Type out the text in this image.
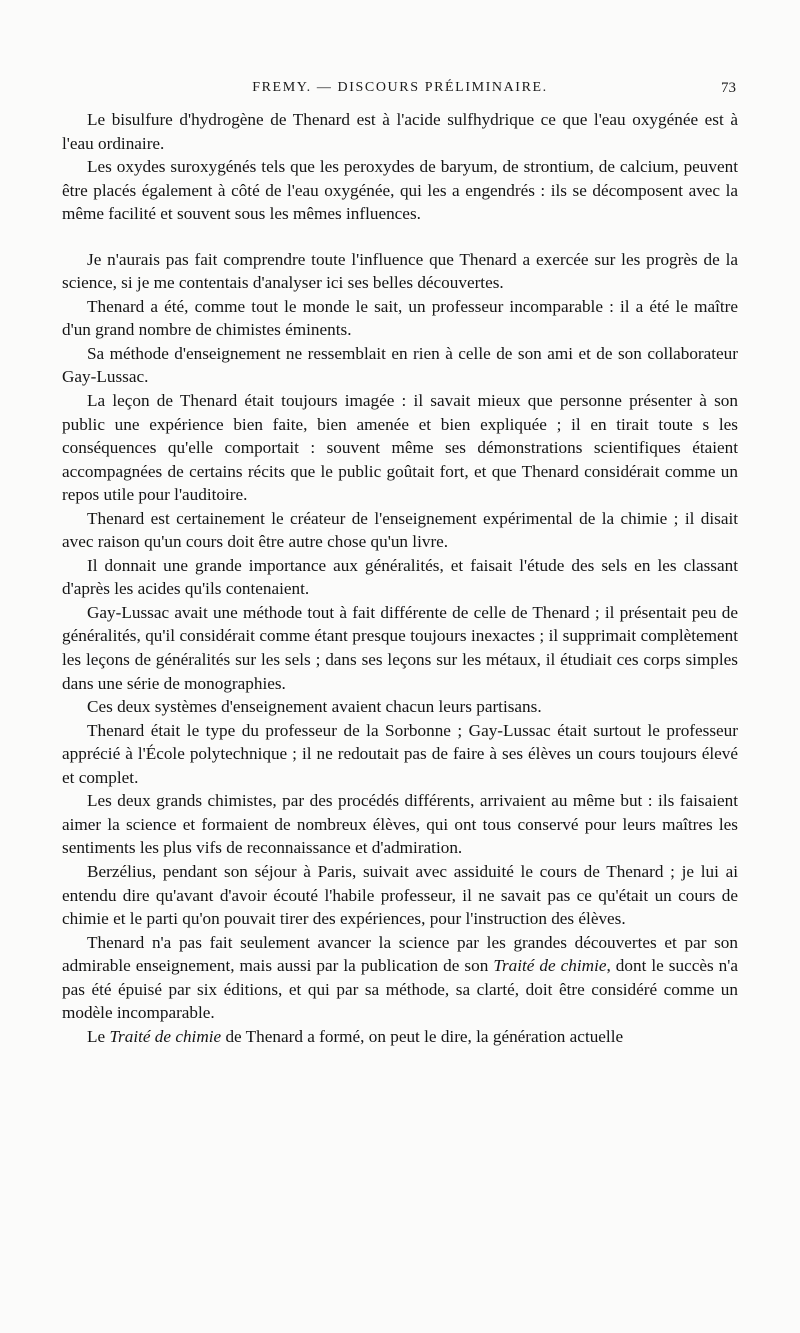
FREMY. — DISCOURS PRÉLIMINAIRE.	73

Le bisulfure d'hydrogène de Thenard est à l'acide sulfhydrique ce que l'eau oxygénée est à l'eau ordinaire.

Les oxydes suroxygénés tels que les peroxydes de baryum, de strontium, de calcium, peuvent être placés également à côté de l'eau oxygénée, qui les a engendrés : ils se décomposent avec la même facilité et souvent sous les mêmes influences.

Je n'aurais pas fait comprendre toute l'influence que Thenard a exercée sur les progrès de la science, si je me contentais d'analyser ici ses belles découvertes.

Thenard a été, comme tout le monde le sait, un professeur incomparable : il a été le maître d'un grand nombre de chimistes éminents.

Sa méthode d'enseignement ne ressemblait en rien à celle de son ami et de son collaborateur Gay-Lussac.

La leçon de Thenard était toujours imagée : il savait mieux que personne présenter à son public une expérience bien faite, bien amenée et bien expliquée ; il en tirait toute s les conséquences qu'elle comportait : souvent même ses démonstrations scientifiques étaient accompagnées de certains récits que le public goûtait fort, et que Thenard considérait comme un repos utile pour l'auditoire.

Thenard est certainement le créateur de l'enseignement expérimental de la chimie ; il disait avec raison qu'un cours doit être autre chose qu'un livre.

Il donnait une grande importance aux généralités, et faisait l'étude des sels en les classant d'après les acides qu'ils contenaient.

Gay-Lussac avait une méthode tout à fait différente de celle de Thenard ; il présentait peu de généralités, qu'il considérait comme étant presque toujours inexactes ; il supprimait complètement les leçons de généralités sur les sels ; dans ses leçons sur les métaux, il étudiait ces corps simples dans une série de monographies.

Ces deux systèmes d'enseignement avaient chacun leurs partisans.

Thenard était le type du professeur de la Sorbonne ; Gay-Lussac était surtout le professeur apprécié à l'École polytechnique ; il ne redoutait pas de faire à ses élèves un cours toujours élevé et complet.

Les deux grands chimistes, par des procédés différents, arrivaient au même but : ils faisaient aimer la science et formaient de nombreux élèves, qui ont tous conservé pour leurs maîtres les sentiments les plus vifs de reconnaissance et d'admiration.

Berzélius, pendant son séjour à Paris, suivait avec assiduité le cours de Thenard ; je lui ai entendu dire qu'avant d'avoir écouté l'habile professeur, il ne savait pas ce qu'était un cours de chimie et le parti qu'on pouvait tirer des expériences, pour l'instruction des élèves.

Thenard n'a pas fait seulement avancer la science par les grandes découvertes et par son admirable enseignement, mais aussi par la publication de son Traité de chimie, dont le succès n'a pas été épuisé par six éditions, et qui par sa méthode, sa clarté, doit être considéré comme un modèle incomparable.

Le Traité de chimie de Thenard a formé, on peut le dire, la génération actuelle
